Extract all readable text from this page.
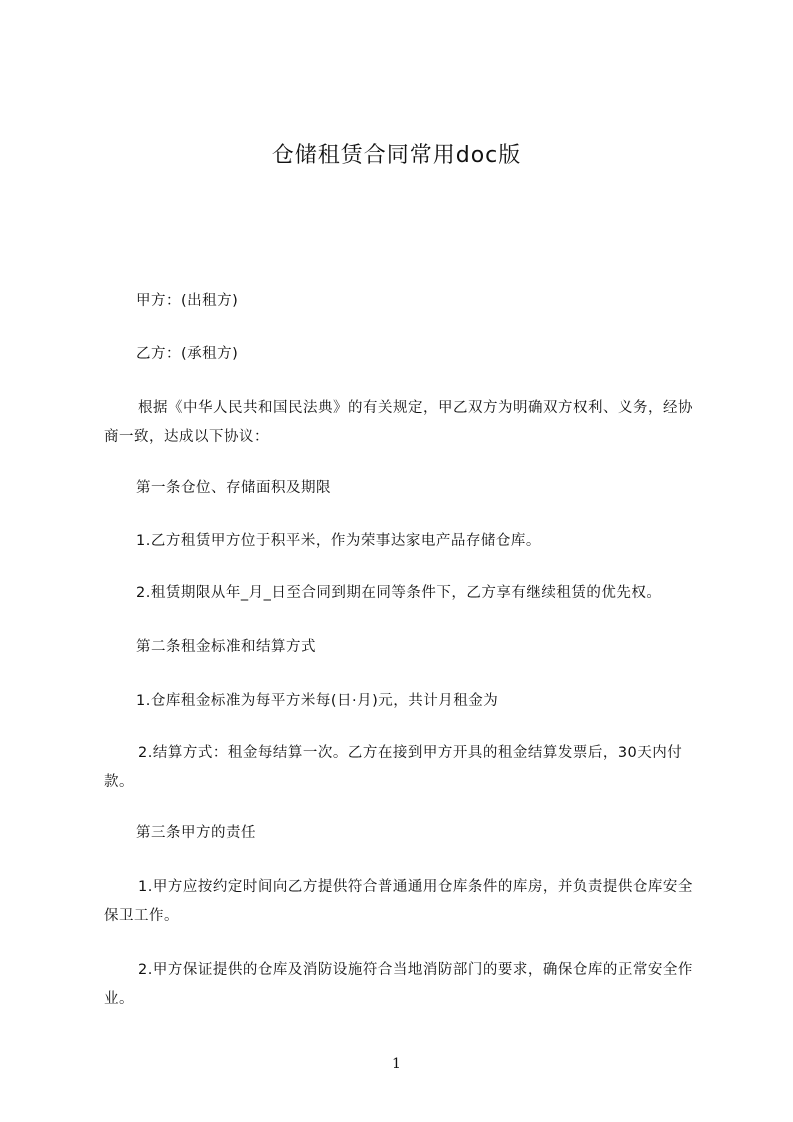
仓储租赁合同常用doc版
甲方：(出租方)
乙方：(承租方)
根据《中华人民共和国民法典》的有关规定，甲乙双方为明确双方权利、义务，经协商一致，达成以下协议：
第一条仓位、存储面积及期限
1.乙方租赁甲方位于积平米，作为荣事达家电产品存储仓库。
2.租赁期限从年_月_日至合同到期在同等条件下，乙方享有继续租赁的优先权。
第二条租金标准和结算方式
1.仓库租金标准为每平方米每(日·月)元，共计月租金为
2.结算方式：租金每结算一次。乙方在接到甲方开具的租金结算发票后，30天内付款。
第三条甲方的责任
1.甲方应按约定时间向乙方提供符合普通通用仓库条件的库房，并负责提供仓库安全保卫工作。
2.甲方保证提供的仓库及消防设施符合当地消防部门的要求，确保仓库的正常安全作业。
1
